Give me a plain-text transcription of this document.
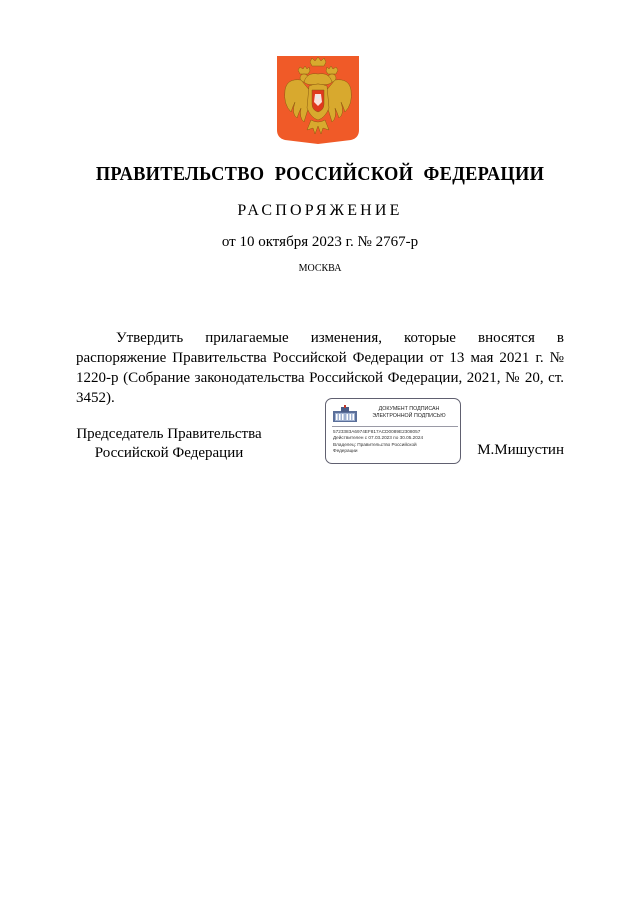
ПРАВИТЕЛЬСТВО РОССИЙСКОЙ ФЕДЕРАЦИИ
РАСПОРЯЖЕНИЕ
от 10 октября 2023 г. № 2767-р
МОСКВА

Утвердить прилагаемые изменения, которые вносятся в распоряжение Правительства Российской Федерации от 13 мая 2021 г. № 1220-р (Собрание законодательства Российской Федерации, 2021, № 20, ст. 3452).

Председатель Правительства
Российской Федерации
ДОКУМЕНТ ПОДПИСАН
ЭЛЕКТРОННОЙ ПОДПИСЬЮ
5723383A6974EF817ACD0089E2308057
Действителен с 07.03.2023 по 30.05.2024
Владелец: Правительство Российской
Федерации	М.Мишустин
